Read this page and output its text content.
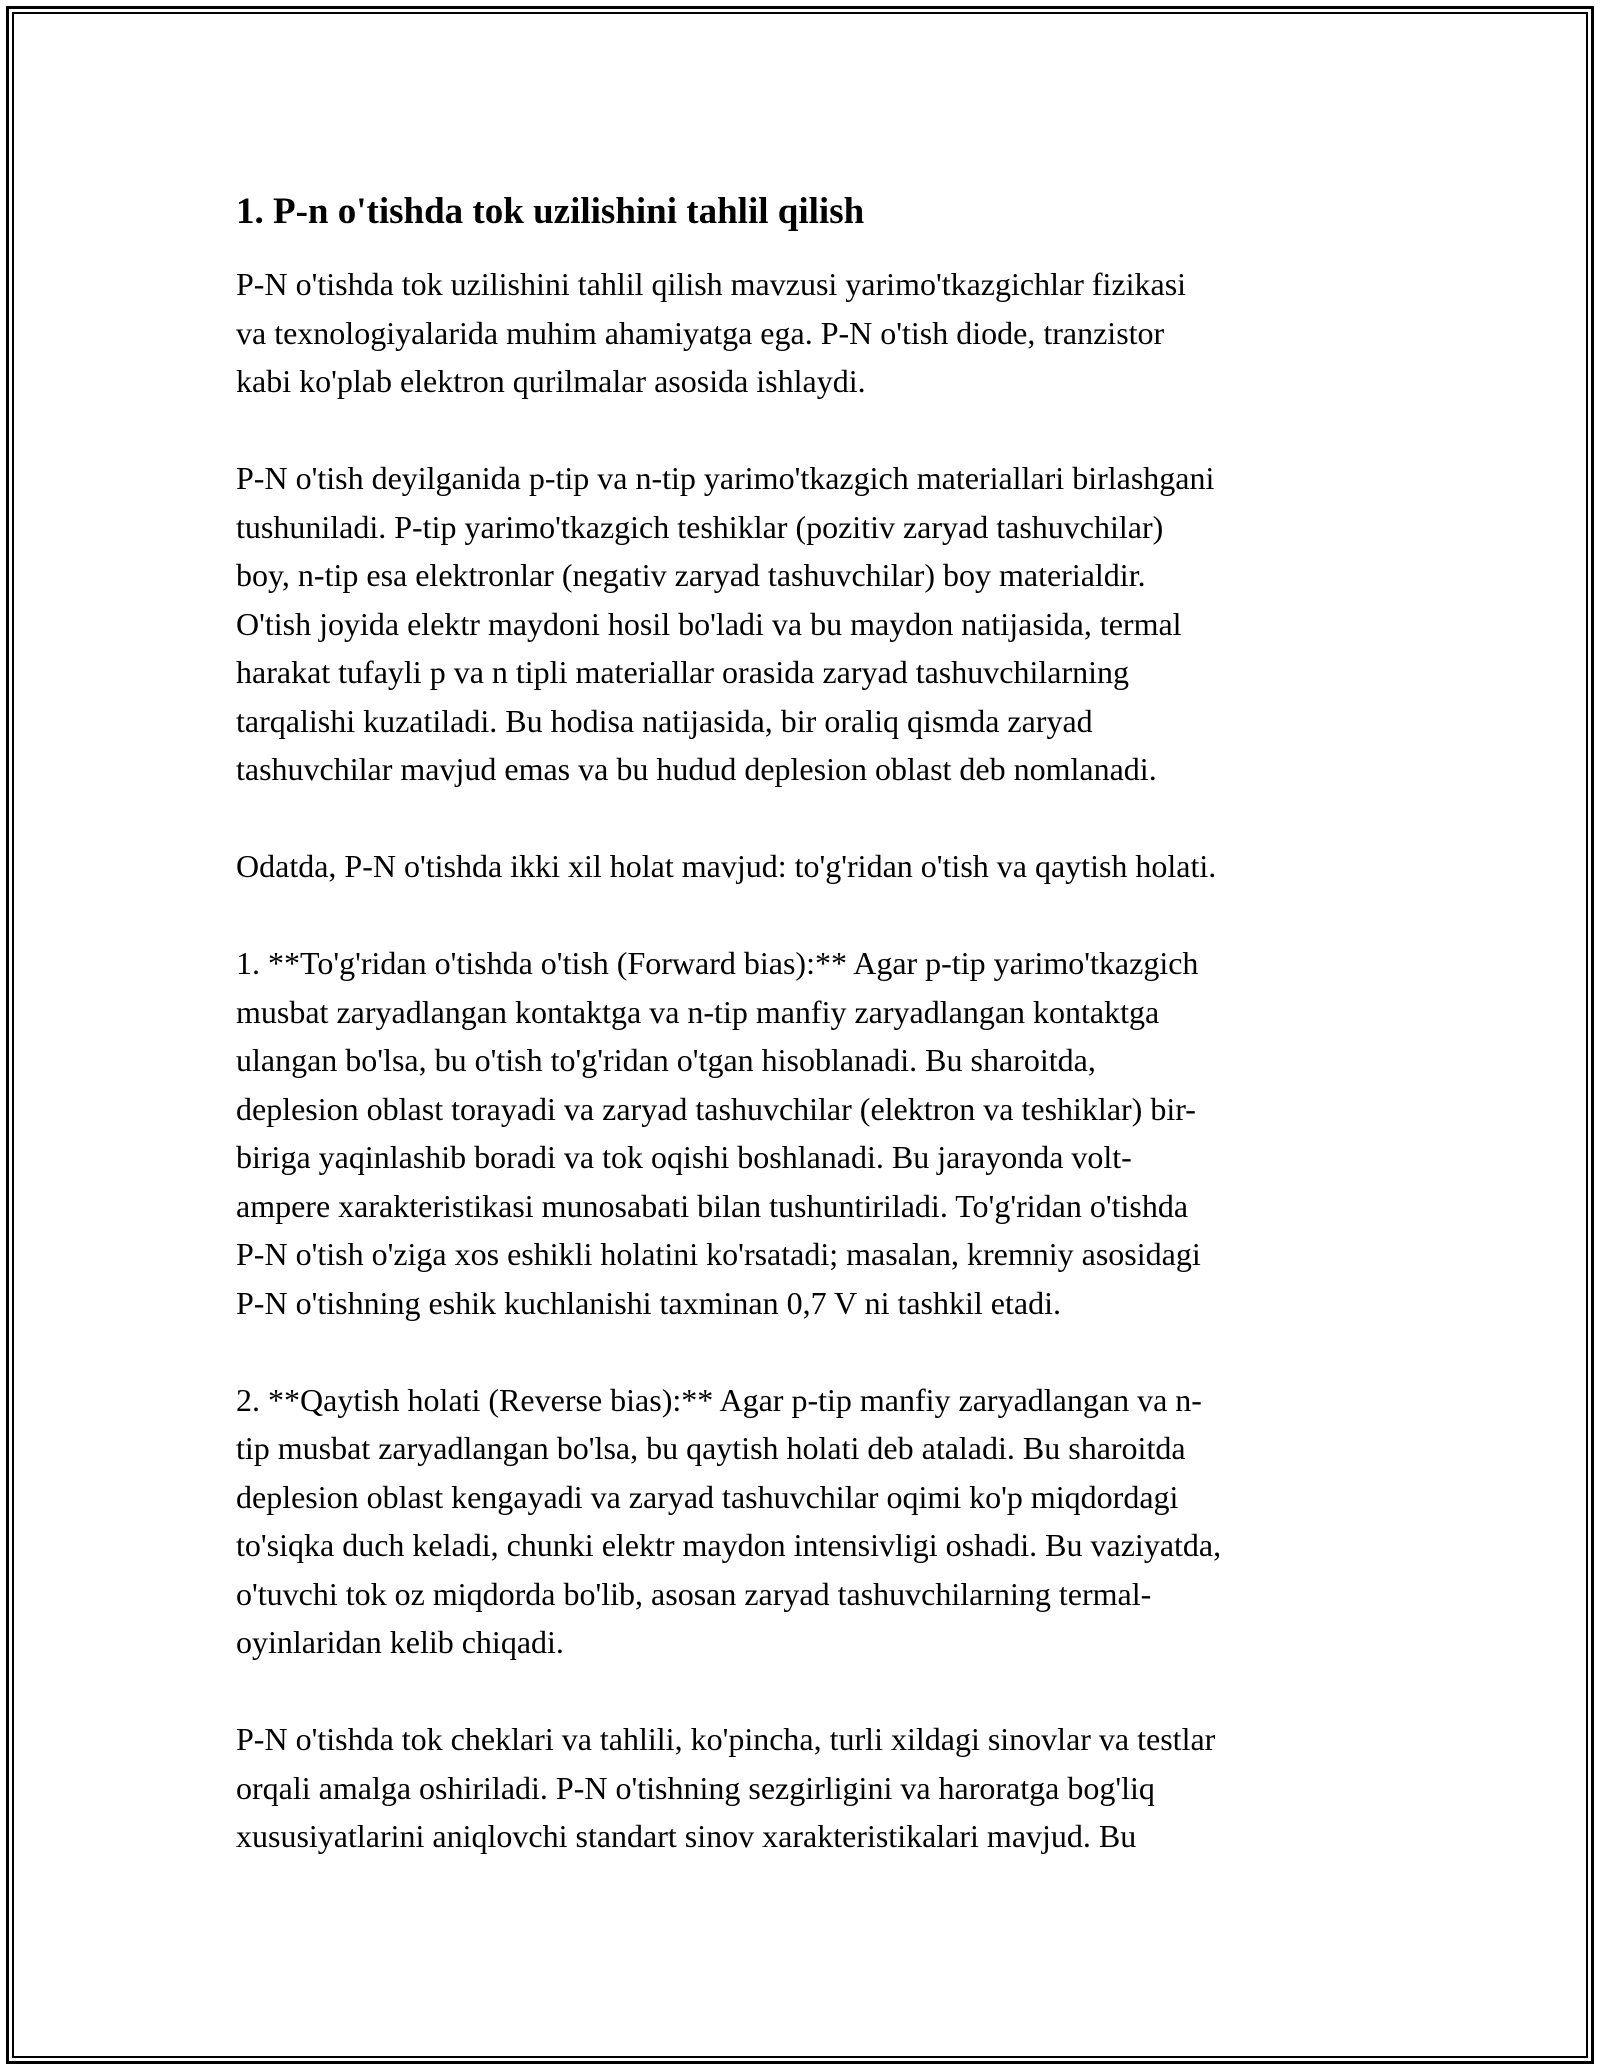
1. P-n o'tishda tok uzilishini tahlil qilish
P-N o'tishda tok uzilishini tahlil qilish mavzusi yarimo'tkazgichlar fizikasi
va texnologiyalarida muhim ahamiyatga ega. P-N o'tish diode, tranzistor
kabi ko'plab elektron qurilmalar asosida ishlaydi.
P-N o'tish deyilganida p-tip va n-tip yarimo'tkazgich materiallari birlashgani
tushuniladi. P-tip yarimo'tkazgich teshiklar (pozitiv zaryad tashuvchilar)
boy, n-tip esa elektronlar (negativ zaryad tashuvchilar) boy materialdir.
O'tish joyida elektr maydoni hosil bo'ladi va bu maydon natijasida, termal
harakat tufayli p va n tipli materiallar orasida zaryad tashuvchilarning
tarqalishi kuzatiladi. Bu hodisa natijasida, bir oraliq qismda zaryad
tashuvchilar mavjud emas va bu hudud deplesion oblast deb nomlanadi.
Odatda, P-N o'tishda ikki xil holat mavjud: to'g'ridan o'tish va qaytish holati.
1. **To'g'ridan o'tishda o'tish (Forward bias):** Agar p-tip yarimo'tkazgich
musbat zaryadlangan kontaktga va n-tip manfiy zaryadlangan kontaktga
ulangan bo'lsa, bu o'tish to'g'ridan o'tgan hisoblanadi. Bu sharoitda,
deplesion oblast torayadi va zaryad tashuvchilar (elektron va teshiklar) bir-
biriga yaqinlashib boradi va tok oqishi boshlanadi. Bu jarayonda volt-
ampere xarakteristikasi munosabati bilan tushuntiriladi. To'g'ridan o'tishda
P-N o'tish o'ziga xos eshikli holatini ko'rsatadi; masalan, kremniy asosidagi
P-N o'tishning eshik kuchlanishi taxminan 0,7 V ni tashkil etadi.
2. **Qaytish holati (Reverse bias):** Agar p-tip manfiy zaryadlangan va n-
tip musbat zaryadlangan bo'lsa, bu qaytish holati deb ataladi. Bu sharoitda
deplesion oblast kengayadi va zaryad tashuvchilar oqimi ko'p miqdordagi
to'siqka duch keladi, chunki elektr maydon intensivligi oshadi. Bu vaziyatda,
o'tuvchi tok oz miqdorda bo'lib, asosan zaryad tashuvchilarning termal-
oyinlaridan kelib chiqadi.
P-N o'tishda tok cheklari va tahlili, ko'pincha, turli xildagi sinovlar va testlar
orqali amalga oshiriladi. P-N o'tishning sezgirligini va haroratga bog'liq
xususiyatlarini aniqlovchi standart sinov xarakteristikalari mavjud. Bu
